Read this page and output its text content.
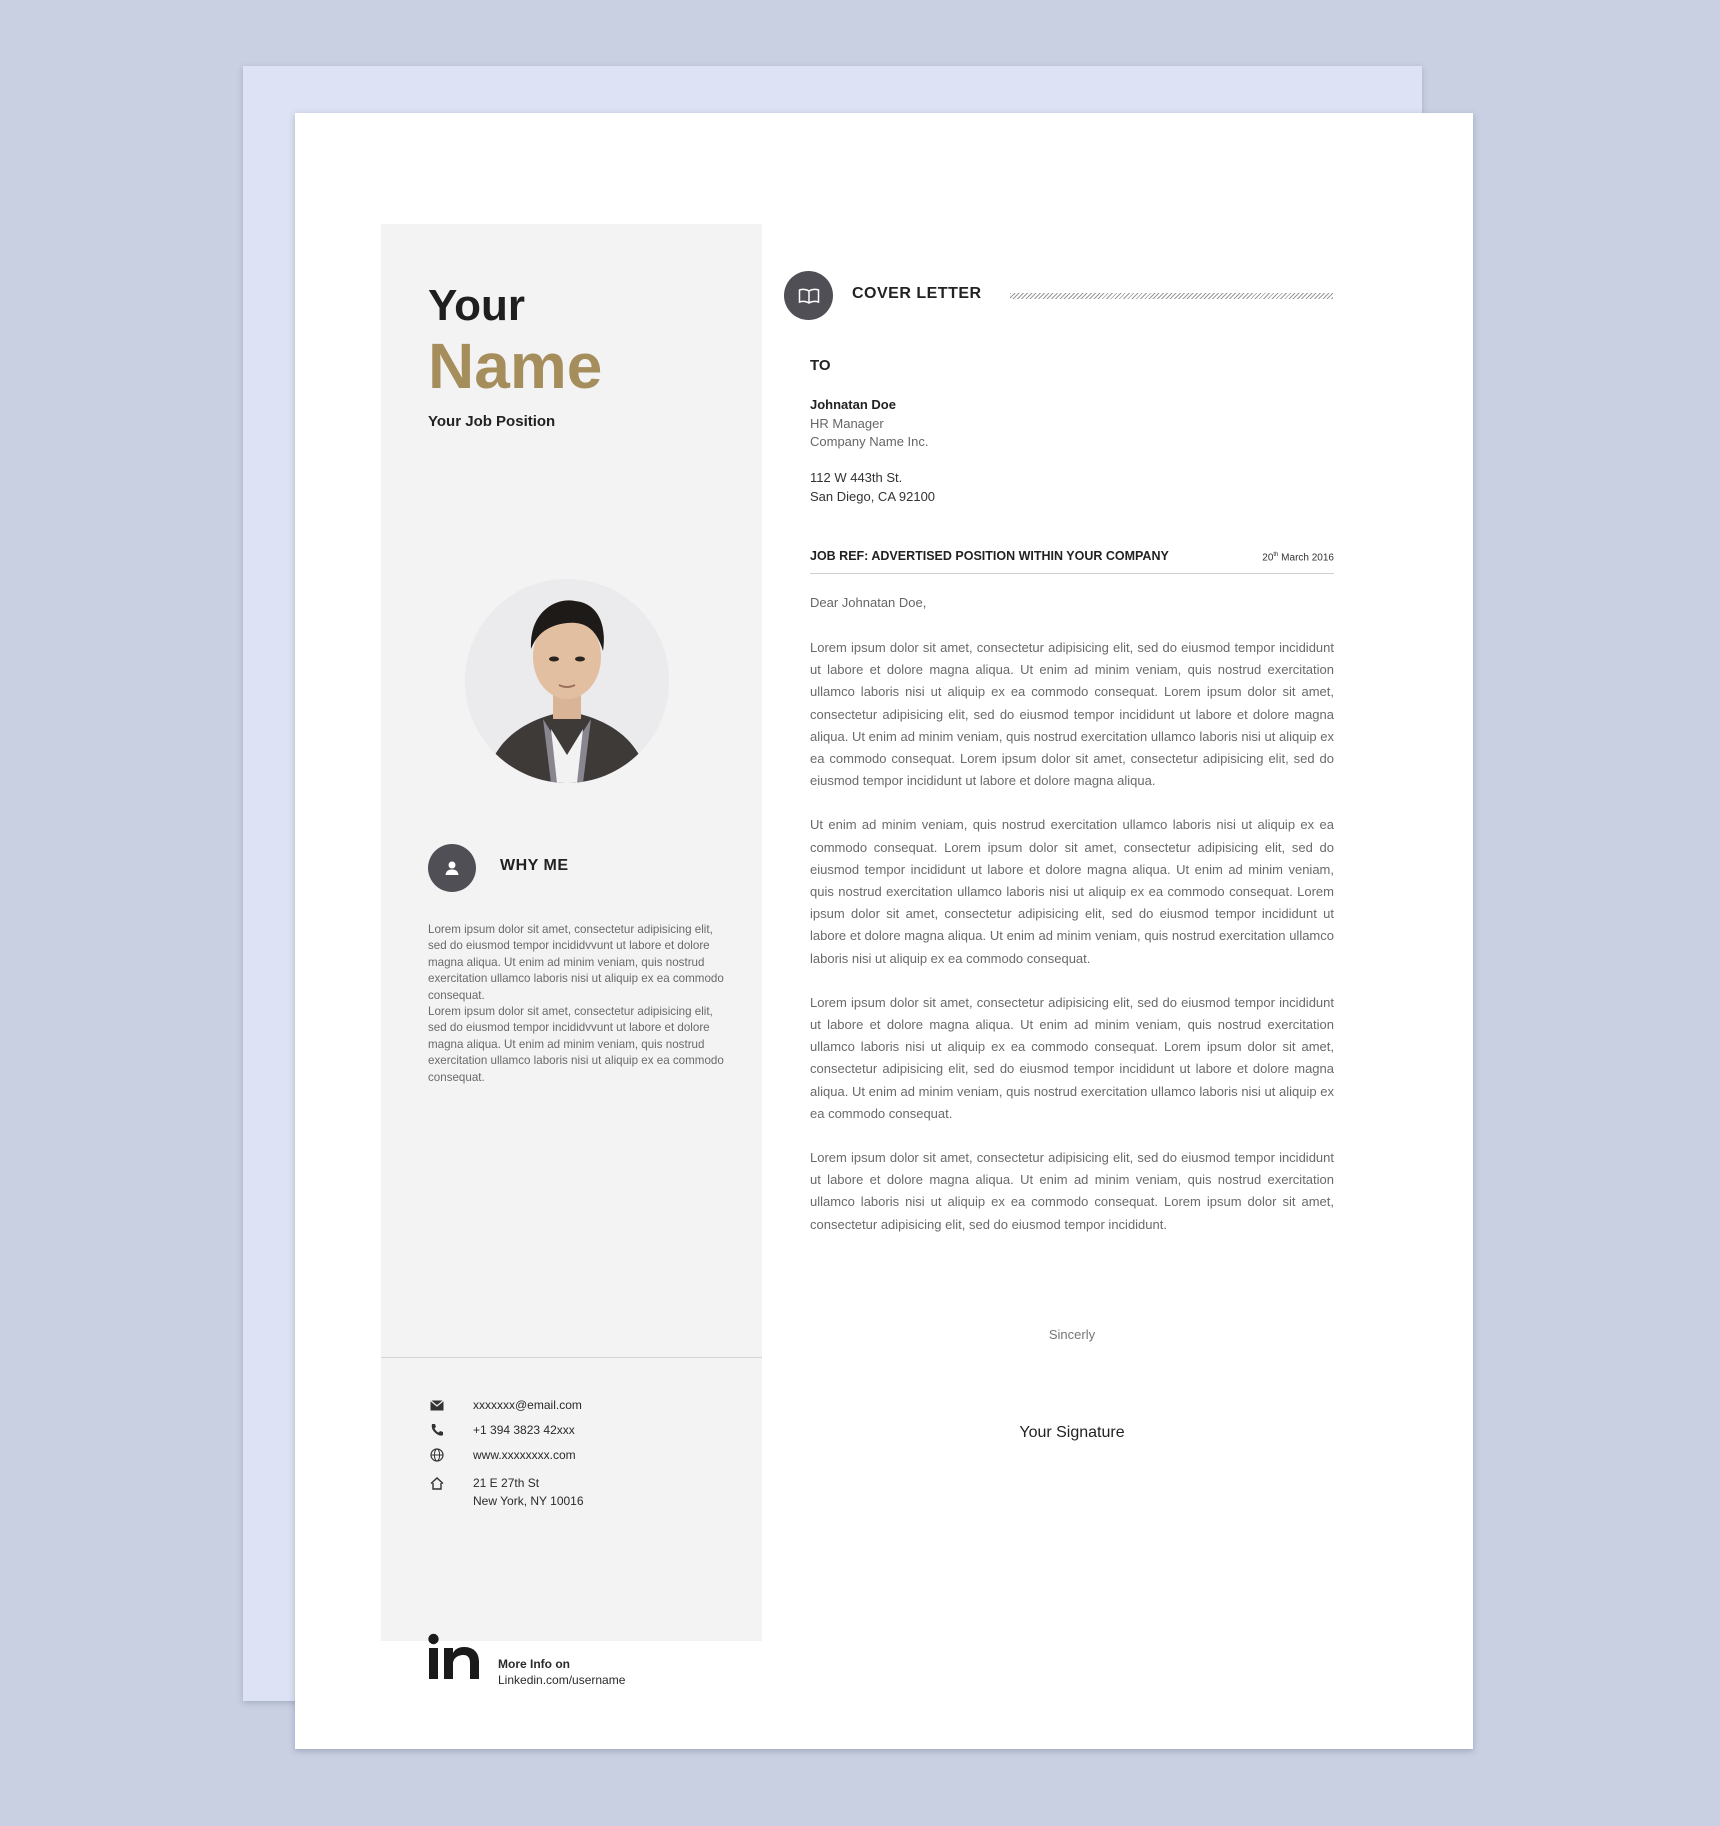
Your
Name
Your Job Position
WHY ME

Lorem ipsum dolor sit amet, consectetur adipisicing elit, sed do eiusmod tempor incididvvunt ut labore et dolore magna aliqua. Ut enim ad minim veniam, quis nostrud exercitation ullamco laboris nisi ut aliquip ex ea commodo consequat.

Lorem ipsum dolor sit amet, consectetur adipisicing elit, sed do eiusmod tempor incididvvunt ut labore et dolore magna aliqua. Ut enim ad minim veniam, quis nostrud exercitation ullamco laboris nisi ut aliquip ex ea commodo consequat.

xxxxxxx@email.com
+1 394 3823 42xxx
www.xxxxxxxx.com
21 E 27th St
New York, NY 10016
More Info on
Linkedin.com/username
COVER LETTER
TO
Johnatan Doe
HR Manager
Company Name Inc.
112 W 443th St.
San Diego, CA 92100
JOB REF: ADVERTISED POSITION WITHIN YOUR COMPANY	20th March 2016
Dear Johnatan Doe,

Lorem ipsum dolor sit amet, consectetur adipisicing elit, sed do eiusmod tempor incididunt ut labore et dolore magna aliqua. Ut enim ad minim veniam, quis nostrud exercitation ullamco laboris nisi ut aliquip ex ea commodo consequat. Lorem ipsum dolor sit amet, consectetur adipisicing elit, sed do eiusmod tempor incididunt ut labore et dolore magna aliqua. Ut enim ad minim veniam, quis nostrud exercitation ullamco laboris nisi ut aliquip ex ea commodo consequat. Lorem ipsum dolor sit amet, consectetur adipisicing elit, sed do eiusmod tempor incididunt ut labore et dolore magna aliqua.

Ut enim ad minim veniam, quis nostrud exercitation ullamco laboris nisi ut aliquip ex ea commodo consequat. Lorem ipsum dolor sit amet, consectetur adipisicing elit, sed do eiusmod tempor incididunt ut labore et dolore magna aliqua. Ut enim ad minim veniam, quis nostrud exercitation ullamco laboris nisi ut aliquip ex ea commodo consequat. Lorem ipsum dolor sit amet, consectetur adipisicing elit, sed do eiusmod tempor incididunt ut labore et dolore magna aliqua. Ut enim ad minim veniam, quis nostrud exercitation ullamco laboris nisi ut aliquip ex ea commodo consequat.

Lorem ipsum dolor sit amet, consectetur adipisicing elit, sed do eiusmod tempor incididunt ut labore et dolore magna aliqua. Ut enim ad minim veniam, quis nostrud exercitation ullamco laboris nisi ut aliquip ex ea commodo consequat. Lorem ipsum dolor sit amet, consectetur adipisicing elit, sed do eiusmod tempor incididunt ut labore et dolore magna aliqua. Ut enim ad minim veniam, quis nostrud exercitation ullamco laboris nisi ut aliquip ex ea commodo consequat.

Lorem ipsum dolor sit amet, consectetur adipisicing elit, sed do eiusmod tempor incididunt ut labore et dolore magna aliqua. Ut enim ad minim veniam, quis nostrud exercitation ullamco laboris nisi ut aliquip ex ea commodo consequat. Lorem ipsum dolor sit amet, consectetur adipisicing elit, sed do eiusmod tempor incididunt.

Sincerly
Your Signature
